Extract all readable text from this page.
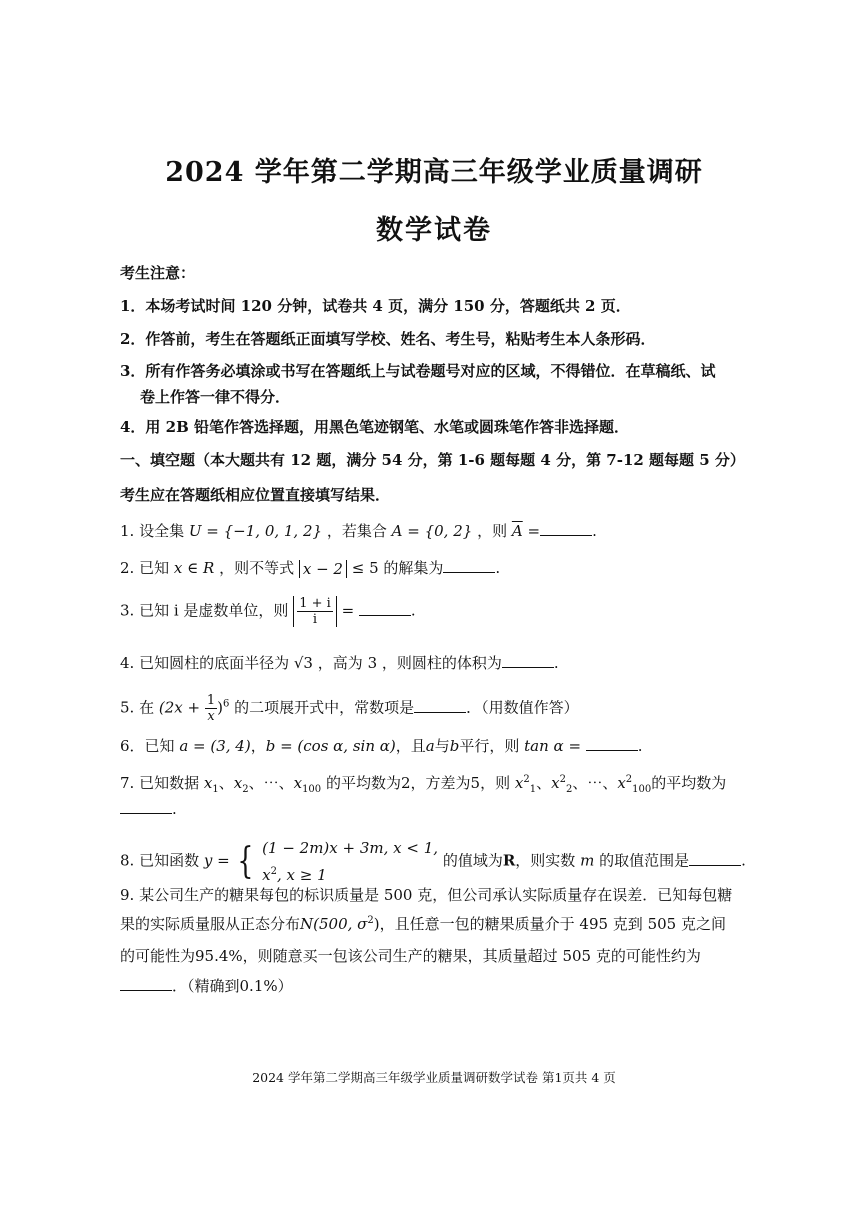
2024 学年第二学期高三年级学业质量调研
数学试卷
考生注意：
1．本场考试时间 120 分钟，试卷共 4 页，满分 150 分，答题纸共 2 页．
2．作答前，考生在答题纸正面填写学校、姓名、考生号，粘贴考生本人条形码．
3．所有作答务必填涂或书写在答题纸上与试卷题号对应的区域，不得错位．在草稿纸、试
卷上作答一律不得分．
4．用 2B 铅笔作答选择题，用黑色笔迹钢笔、水笔或圆珠笔作答非选择题．
一、填空题（本大题共有 12 题，满分 54 分，第 1-6 题每题 4 分，第 7-12 题每题 5 分）
考生应在答题纸相应位置直接填写结果．
1. 设全集 U = {−1, 0, 1, 2} ，若集合 A = {0, 2} ，则 $\overline{A}$ =	.
2. 已知 x ∈ R ，则不等式 x − 2 ≤ 5 的解集为	.
3. 已知 i 是虚数单位，则 $\frac{1 + i}{i}$ =	.
4. 已知圆柱的底面半径为 √3 ，高为 3 ，则圆柱的体积为	.
5. 在 $(2x + \frac{1}{x} )^6$ 的二项展开式中，常数项是	．（用数值作答）
6．已知 a = (3, 4)，b = (cos α, sin α)，且a与b平行，则 tan α =	.
7. 已知数据 $x_1$、$x_2$、⋯、$x_{100}$ 的平均数为2，方差为5，则 $x^2_1$、$x^2_2$、⋯、$x^2_{100}$的平均数为
.
8. 已知函数 y = { (1 − 2m)x + 3m, x < 1,
$x^2$, x ≥ 1
的值域为R，则实数 m 的取值范围是	.
9. 某公司生产的糖果每包的标识质量是 500 克，但公司承认实际质量存在误差．已知每包糖
果的实际质量服从正态分布N(500, $\sigma^2$)，且任意一包的糖果质量介于 495 克到 505 克之间
的可能性为95.4%，则随意买一包该公司生产的糖果，其质量超过 505 克的可能性约为
．（精确到0.1%）
2024 学年第二学期高三年级学业质量调研数学试卷 第1页共 4 页
